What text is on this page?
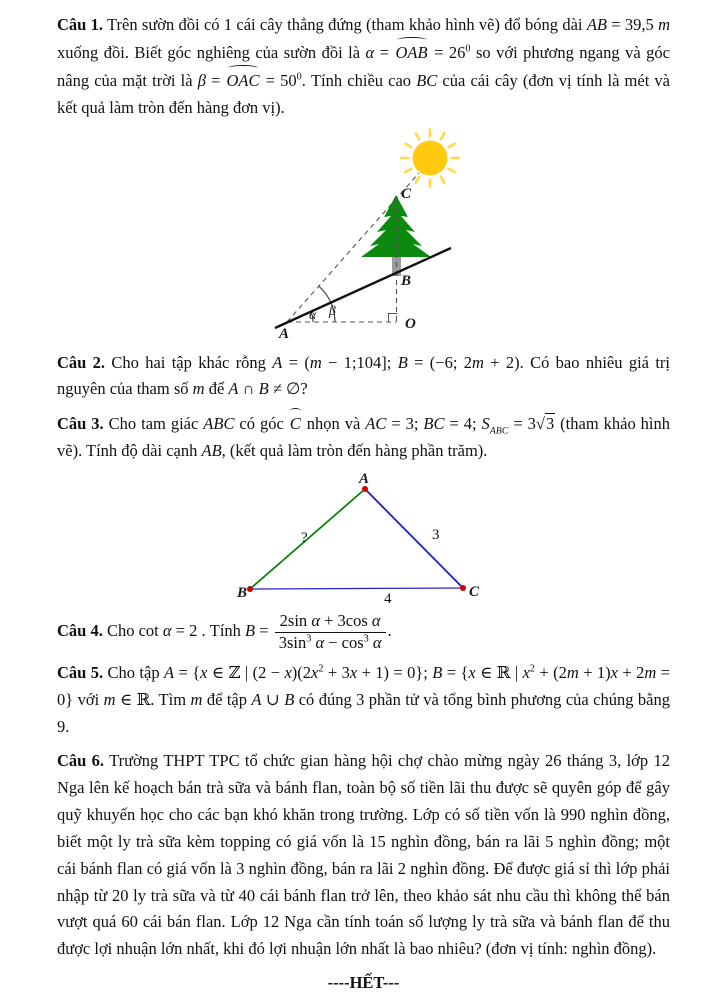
Câu 1. Trên sườn đồi có 1 cái cây thẳng đứng (tham khảo hình vẽ) đổ bóng dài AB = 39,5 m xuống đồi. Biết góc nghiêng của sườn đồi là α = OAB = $26^0$ so với phương ngang và góc nâng của mặt trời là β = OAC = $50^0$. Tính chiều cao BC của cái cây (đơn vị tính là mét và kết quả làm tròn đến hàng đơn vị).

A
B
C
O
α β

Câu 2. Cho hai tập khác rỗng A = (m − 1;104]; B = (−6; 2m + 2). Có bao nhiêu giá trị nguyên của tham số m để A ∩ B ≠ ∅?

Câu 3. Cho tam giác ABC có góc C nhọn và AC = 3; BC = 4; $S_{ABC} = 3√3$ (tham khảo hình vẽ). Tính độ dài cạnh AB, (kết quả làm tròn đến hàng phần trăm).

A
B	C
?	3
4

Câu 4. Cho cot α = 2 . Tính $B = \frac{\text{2sin α + 3cos α}}{3\sin^3 \alpha - \cos^3 \alpha}$ .

Câu 5. Cho tập A = {x ∈ ℤ | $(2 - x)(2x^2 + 3x + 1) = 0$}; B = {x ∈ ℝ | $x^2 + (2m + 1)x + 2m = 0$} với m ∈ ℝ. Tìm m để tập A ∪ B có đúng 3 phần tử và tổng bình phương của chúng bằng 9.

Câu 6. Trường THPT TPC tổ chức gian hàng hội chợ chào mừng ngày 26 tháng 3, lớp 12 Nga lên kế hoạch bán trà sữa và bánh flan, toàn bộ số tiền lãi thu được sẽ quyên góp để gây quỹ khuyến học cho các bạn khó khăn trong trường. Lớp có số tiền vốn là 990 nghìn đồng, biết một ly trà sữa kèm topping có giá vốn là 15 nghìn đồng, bán ra lãi 5 nghìn đồng; một cái bánh flan có giá vốn là 3 nghìn đồng, bán ra lãi 2 nghìn đồng. Để được giá sỉ thì lớp phải nhập từ 20 ly trà sữa và từ 40 cái bánh flan trở lên, theo khảo sát nhu cầu thì không thể bán vượt quá 60 cái bán flan. Lớp 12 Nga cần tính toán số lượng ly trà sữa và bánh flan để thu được lợi nhuận lớn nhất, khi đó lợi nhuận lớn nhất là bao nhiêu? (đơn vị tính: nghìn đồng).

----HẾT---
